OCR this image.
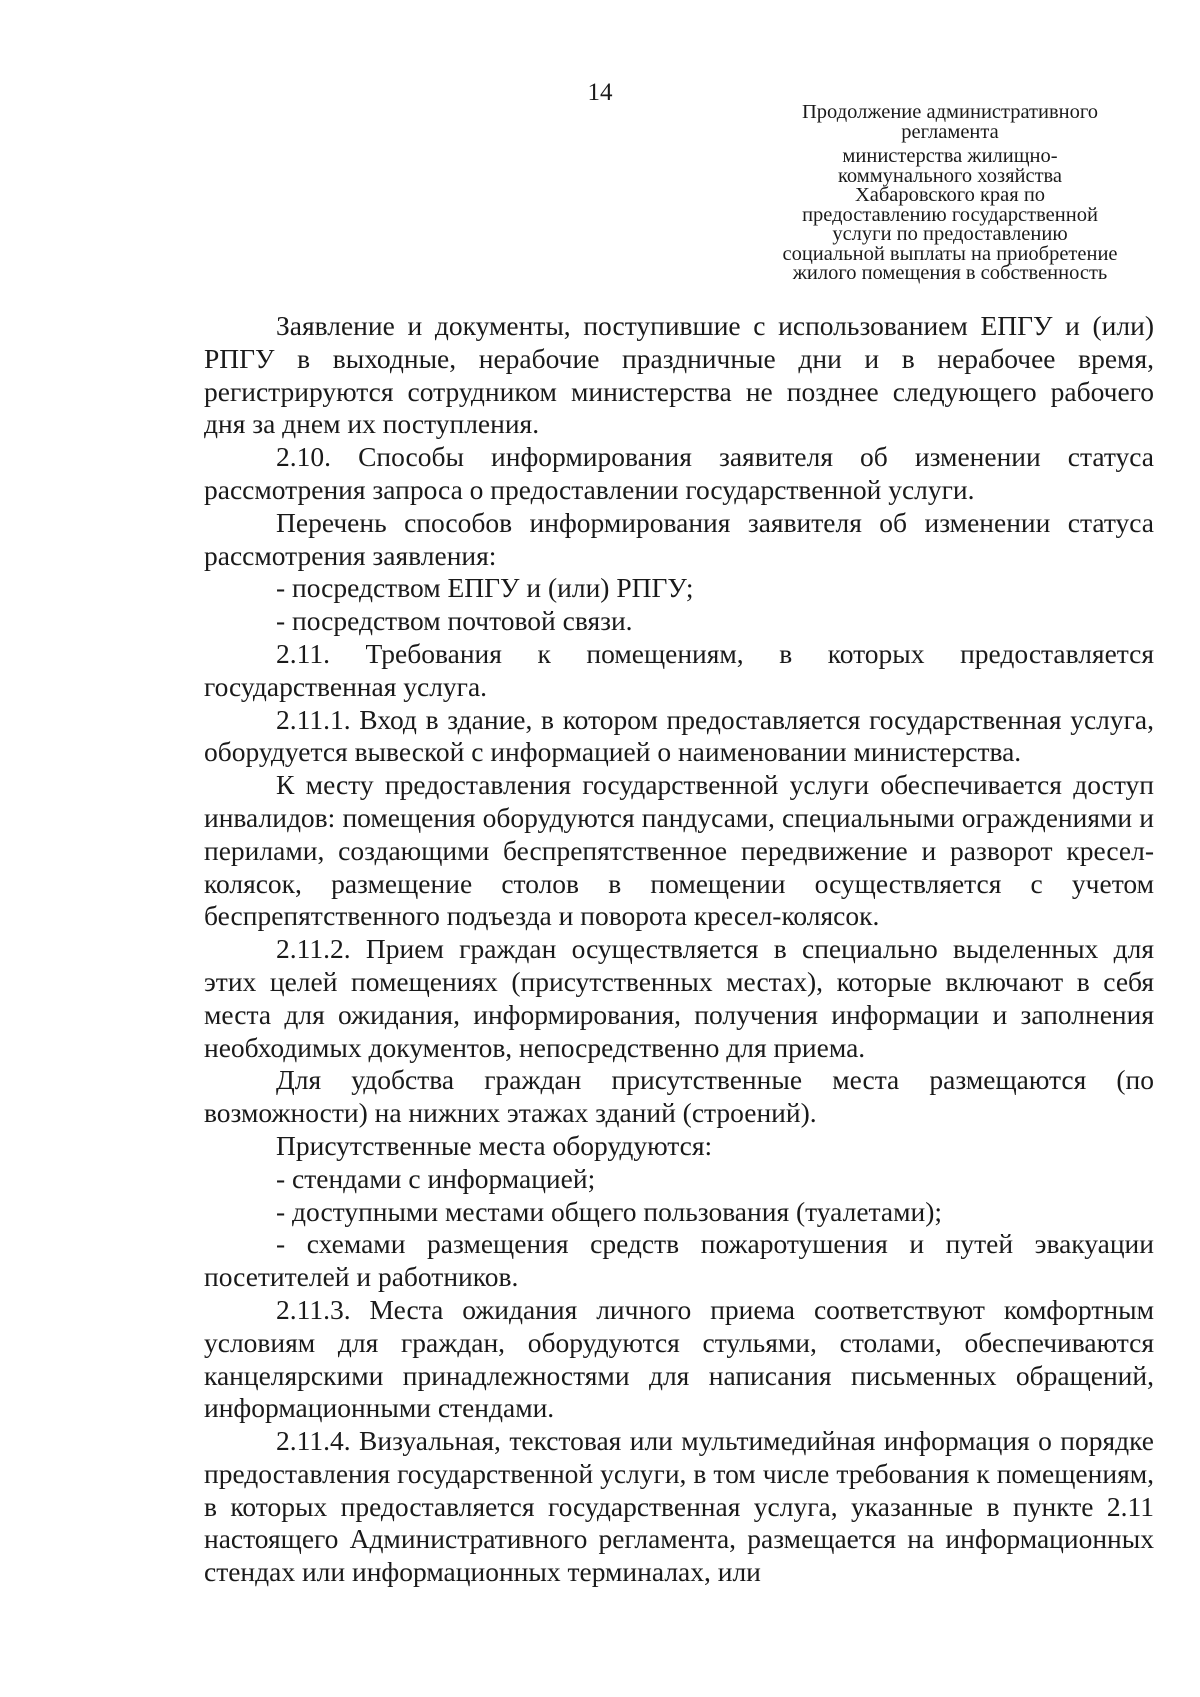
14
Продолжение административного
регламента
министерства жилищно-
коммунального хозяйства
Хабаровского края по
предоставлению государственной
услуги по предоставлению
социальной выплаты на приобретение
жилого помещения в собственность

Заявление и документы, поступившие с использованием ЕПГУ и (или) РПГУ в выходные, нерабочие праздничные дни и в нерабочее время, регистрируются сотрудником министерства не позднее следующего рабочего дня за днем их поступления.

2.10. Способы информирования заявителя об изменении статуса рассмотрения запроса о предоставлении государственной услуги.

Перечень способов информирования заявителя об изменении статуса рассмотрения заявления:

- посредством ЕПГУ и (или) РПГУ;

- посредством почтовой связи.

2.11. Требования к помещениям, в которых предоставляется государственная услуга.

2.11.1. Вход в здание, в котором предоставляется государственная услуга, оборудуется вывеской с информацией о наименовании министерства.

К месту предоставления государственной услуги обеспечивается доступ инвалидов: помещения оборудуются пандусами, специальными ограждениями и перилами, создающими беспрепятственное передвижение и разворот кресел-колясок, размещение столов в помещении осуществляется с учетом беспрепятственного подъезда и поворота кресел-колясок.

2.11.2. Прием граждан осуществляется в специально выделенных для этих целей помещениях (присутственных местах), которые включают в себя места для ожидания, информирования, получения информации и заполнения необходимых документов, непосредственно для приема.

Для удобства граждан присутственные места размещаются (по возможности) на нижних этажах зданий (строений).

Присутственные места оборудуются:

- стендами с информацией;

- доступными местами общего пользования (туалетами);

- схемами размещения средств пожаротушения и путей эвакуации посетителей и работников.

2.11.3. Места ожидания личного приема соответствуют комфортным условиям для граждан, оборудуются стульями, столами, обеспечиваются канцелярскими принадлежностями для написания письменных обращений, информационными стендами.

2.11.4. Визуальная, текстовая или мультимедийная информация о порядке предоставления государственной услуги, в том числе требования к помещениям, в которых предоставляется государственная услуга, указанные в пункте 2.11 настоящего Административного регламента, размещается на информационных стендах или информационных терминалах, или
